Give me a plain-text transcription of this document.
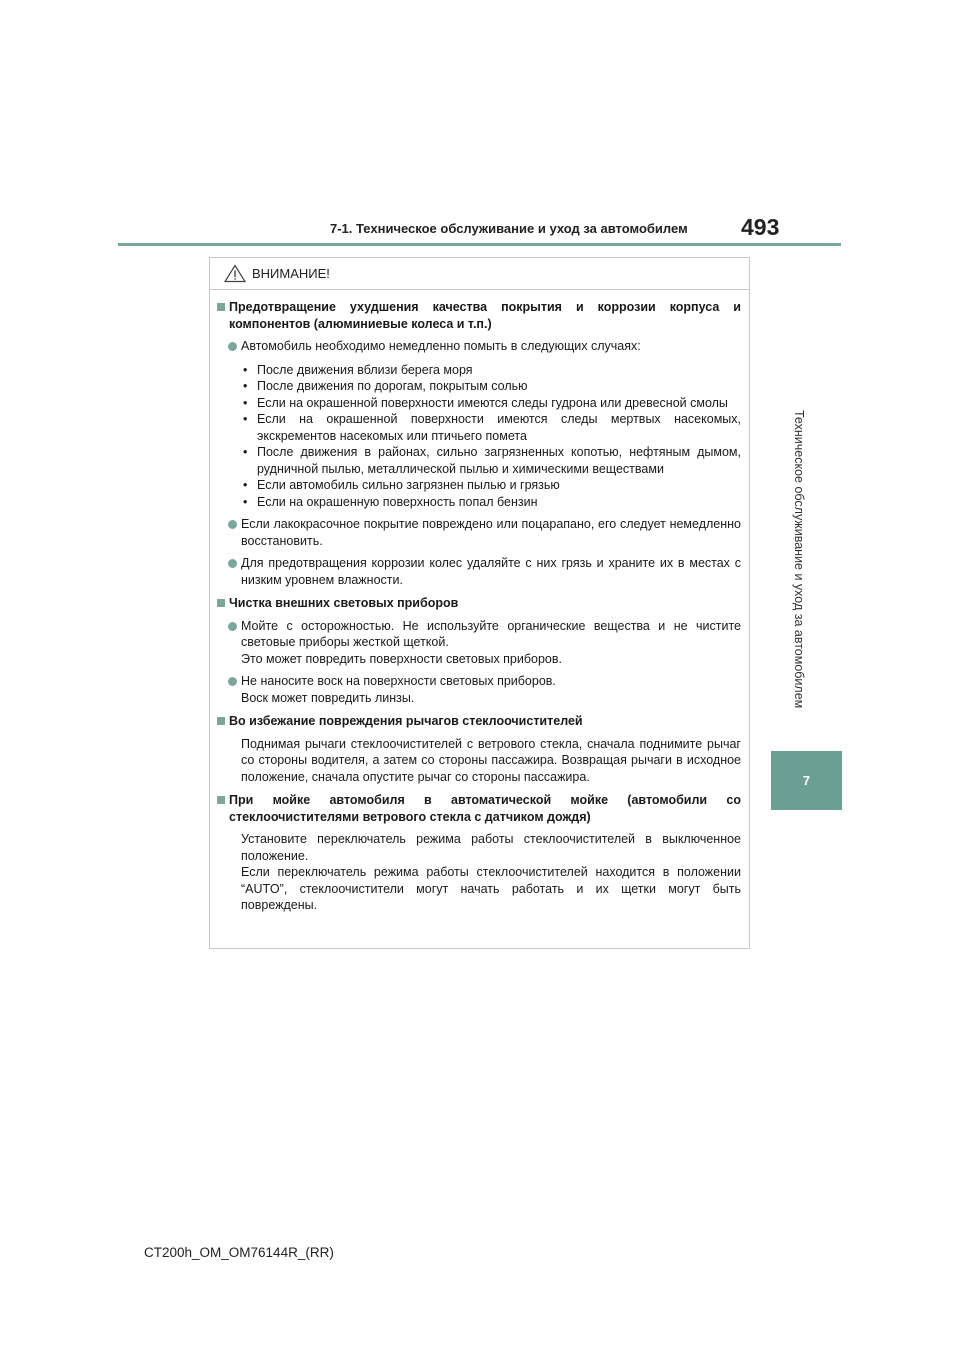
7-1. Техническое обслуживание и уход за автомобилем 493
Техническое обслуживание и уход за автомобилем
7
ВНИМАНИЕ!
Предотвращение ухудшения качества покрытия и коррозии корпуса и компонентов (алюминиевые колеса и т.п.)
Автомобиль необходимо немедленно помыть в следующих случаях:
• После движения вблизи берега моря
• После движения по дорогам, покрытым солью
• Если на окрашенной поверхности имеются следы гудрона или древесной смолы
• Если на окрашенной поверхности имеются следы мертвых насекомых, экскрементов насекомых или птичьего помета
• После движения в районах, сильно загрязненных копотью, нефтяным дымом, рудничной пылью, металлической пылью и химическими веществами
• Если автомобиль сильно загрязнен пылью и грязью
• Если на окрашенную поверхность попал бензин
Если лакокрасочное покрытие повреждено или поцарапано, его следует немедленно восстановить.
Для предотвращения коррозии колес удаляйте с них грязь и храните их в местах с низким уровнем влажности.
Чистка внешних световых приборов
Мойте с осторожностью. Не используйте органические вещества и не чистите световые приборы жесткой щеткой.
Это может повредить поверхности световых приборов.
Не наносите воск на поверхности световых приборов.
Воск может повредить линзы.
Во избежание повреждения рычагов стеклоочистителей
Поднимая рычаги стеклоочистителей с ветрового стекла, сначала поднимите рычаг со стороны водителя, а затем со стороны пассажира. Возвращая рычаги в исходное положение, сначала опустите рычаг со стороны пассажира.
При мойке автомобиля в автоматической мойке (автомобили со стеклоочистителями ветрового стекла с датчиком дождя)
Установите переключатель режима работы стеклоочистителей в выключенное положение.
Если переключатель режима работы стеклоочистителей находится в положении “AUTO”, стеклоочистители могут начать работать и их щетки могут быть повреждены.
CT200h_OM_OM76144R_(RR)
